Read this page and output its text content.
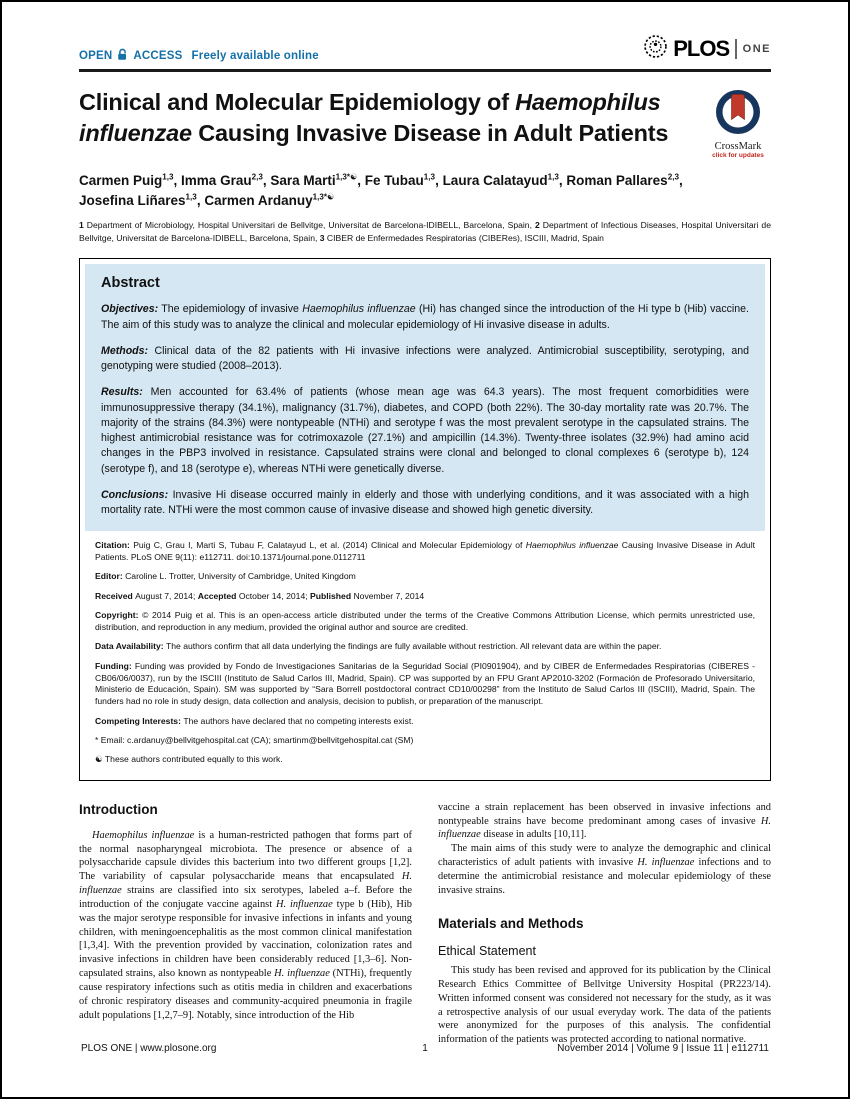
OPEN ACCESS Freely available online	PLOS ONE
Clinical and Molecular Epidemiology of Haemophilus
influenzae Causing Invasive Disease in Adult Patients
CrossMark
click for updates
Carmen Puig$^{1,3}$, Imma Grau$^{2,3}$, Sara Marti$^{1,3*☯}$, Fe Tubau$^{1,3}$, Laura Calatayud$^{1,3}$, Roman Pallares$^{2,3}$,
Josefina Liñares$^{1,3}$, Carmen Ardanuy$^{1,3*☯}$
1 Department of Microbiology, Hospital Universitari de Bellvitge, Universitat de Barcelona-IDIBELL, Barcelona, Spain, 2 Department of Infectious Diseases, Hospital Universitari de Bellvitge, Universitat de Barcelona-IDIBELL, Barcelona, Spain, 3 CIBER de Enfermedades Respiratorias (CIBERes), ISCIII, Madrid, Spain
Abstract

Objectives: The epidemiology of invasive Haemophilus influenzae (Hi) has changed since the introduction of the Hi type b (Hib) vaccine. The aim of this study was to analyze the clinical and molecular epidemiology of Hi invasive disease in adults.

Methods: Clinical data of the 82 patients with Hi invasive infections were analyzed. Antimicrobial susceptibility, serotyping, and genotyping were studied (2008–2013).

Results: Men accounted for 63.4% of patients (whose mean age was 64.3 years). The most frequent comorbidities were immunosuppressive therapy (34.1%), malignancy (31.7%), diabetes, and COPD (both 22%). The 30-day mortality rate was 20.7%. The majority of the strains (84.3%) were nontypeable (NTHi) and serotype f was the most prevalent serotype in the capsulated strains. The highest antimicrobial resistance was for cotrimoxazole (27.1%) and ampicillin (14.3%). Twenty-three isolates (32.9%) had amino acid changes in the PBP3 involved in resistance. Capsulated strains were clonal and belonged to clonal complexes 6 (serotype b), 124 (serotype f), and 18 (serotype e), whereas NTHi were genetically diverse.

Conclusions: Invasive Hi disease occurred mainly in elderly and those with underlying conditions, and it was associated with a high mortality rate. NTHi were the most common cause of invasive disease and showed high genetic diversity.

Citation: Puig C, Grau I, Marti S, Tubau F, Calatayud L, et al. (2014) Clinical and Molecular Epidemiology of Haemophilus influenzae Causing Invasive Disease in Adult Patients. PLoS ONE 9(11): e112711. doi:10.1371/journal.pone.0112711

Editor: Caroline L. Trotter, University of Cambridge, United Kingdom

Received August 7, 2014; Accepted October 14, 2014; Published November 7, 2014

Copyright: © 2014 Puig et al. This is an open-access article distributed under the terms of the Creative Commons Attribution License, which permits unrestricted use, distribution, and reproduction in any medium, provided the original author and source are credited.

Data Availability: The authors confirm that all data underlying the findings are fully available without restriction. All relevant data are within the paper.

Funding: Funding was provided by Fondo de Investigaciones Sanitarias de la Seguridad Social (PI0901904), and by CIBER de Enfermedades Respiratorias (CIBERES - CB06/06/0037), run by the ISCIII (Instituto de Salud Carlos III, Madrid, Spain). CP was supported by an FPU Grant AP2010-3202 (Formación de Profesorado Universitario, Ministerio de Educación, Spain). SM was supported by “Sara Borrell postdoctoral contract CD10/00298” from the Instituto de Salud Carlos III (ISCIII), Madrid, Spain. The funders had no role in study design, data collection and analysis, decision to publish, or preparation of the manuscript.

Competing Interests: The authors have declared that no competing interests exist.

* Email: c.ardanuy@bellvitgehospital.cat (CA); smartinm@bellvitgehospital.cat (SM)

☯ These authors contributed equally to this work.

Introduction

Haemophilus influenzae is a human-restricted pathogen that forms part of the normal nasopharyngeal microbiota. The presence or absence of a polysaccharide capsule divides this bacterium into two different groups [1,2]. The variability of capsular polysaccharide means that encapsulated H. influenzae strains are classified into six serotypes, labeled a–f. Before the introduction of the conjugate vaccine against H. influenzae type b (Hib), Hib was the major serotype responsible for invasive infections in infants and young children, with meningoencephalitis as the most common clinical manifestation [1,3,4]. With the prevention provided by vaccination, colonization rates and invasive infections in children have been considerably reduced [1,3–6]. Non-capsulated strains, also known as nontypeable H. influenzae (NTHi), frequently cause respiratory infections such as otitis media in children and exacerbations of chronic respiratory diseases and community-acquired pneumonia in fragile adult populations [1,2,7–9]. Notably, since introduction of the Hib

vaccine a strain replacement has been observed in invasive infections and nontypeable strains have become predominant among cases of invasive H. influenzae disease in adults [10,11].

The main aims of this study were to analyze the demographic and clinical characteristics of adult patients with invasive H. influenzae infections and to determine the antimicrobial resistance and molecular epidemiology of these invasive strains.

Materials and Methods
Ethical Statement

This study has been revised and approved for its publication by the Clinical Research Ethics Committee of Bellvitge University Hospital (PR223/14). Written informed consent was considered not necessary for the study, as it was a retrospective analysis of our usual everyday work. The data of the patients were anonymized for the purposes of this analysis. The confidential information of the patients was protected according to national normative.

PLOS ONE | www.plosone.org	1	November 2014 | Volume 9 | Issue 11 | e112711
